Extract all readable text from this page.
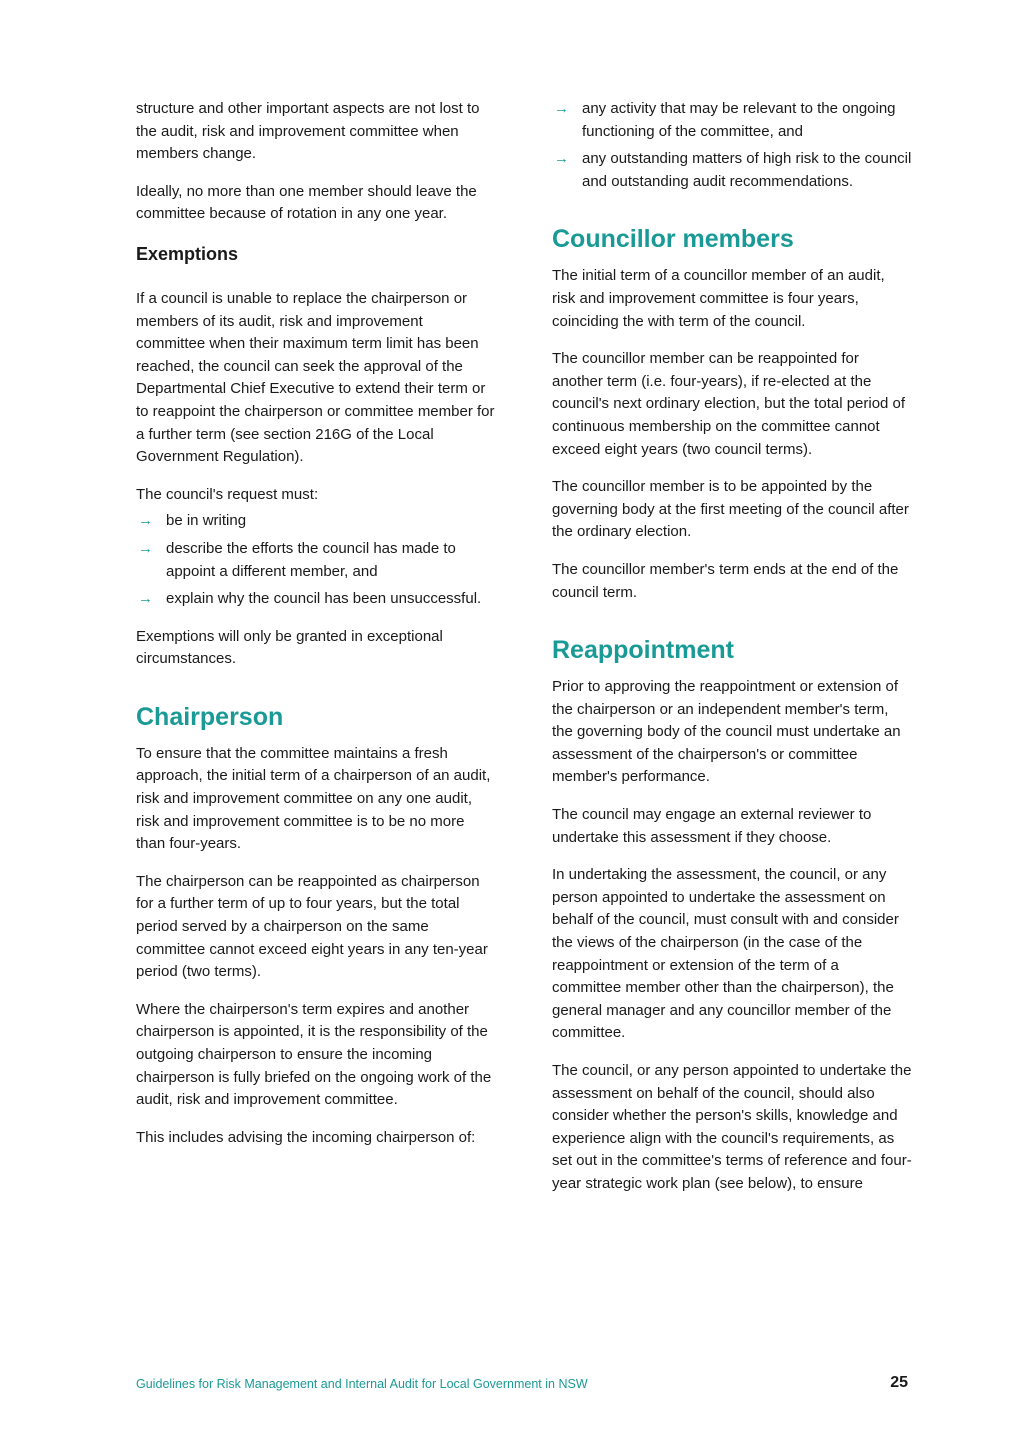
structure and other important aspects are not lost to the audit, risk and improvement committee when members change.

Ideally, no more than one member should leave the committee because of rotation in any one year.

Exemptions

If a council is unable to replace the chairperson or members of its audit, risk and improvement committee when their maximum term limit has been reached, the council can seek the approval of the Departmental Chief Executive to extend their term or to reappoint the chairperson or committee member for a further term (see section 216G of the Local Government Regulation).

The council's request must:

→ be in writing
→ describe the efforts the council has made to appoint a different member, and
→ explain why the council has been unsuccessful.

Exemptions will only be granted in exceptional circumstances.

Chairperson

To ensure that the committee maintains a fresh approach, the initial term of a chairperson of an audit, risk and improvement committee on any one audit, risk and improvement committee is to be no more than four-years.

The chairperson can be reappointed as chairperson for a further term of up to four years, but the total period served by a chairperson on the same committee cannot exceed eight years in any ten-year period (two terms).

Where the chairperson's term expires and another chairperson is appointed, it is the responsibility of the outgoing chairperson to ensure the incoming chairperson is fully briefed on the ongoing work of the audit, risk and improvement committee.

This includes advising the incoming chairperson of:

→ any activity that may be relevant to the ongoing functioning of the committee, and
→ any outstanding matters of high risk to the council and outstanding audit recommendations.
Councillor members

The initial term of a councillor member of an audit, risk and improvement committee is four years, coinciding the with term of the council.

The councillor member can be reappointed for another term (i.e. four-years), if re-elected at the council's next ordinary election, but the total period of continuous membership on the committee cannot exceed eight years (two council terms).

The councillor member is to be appointed by the governing body at the first meeting of the council after the ordinary election.

The councillor member's term ends at the end of the council term.

Reappointment

Prior to approving the reappointment or extension of the chairperson or an independent member's term, the governing body of the council must undertake an assessment of the chairperson's or committee member's performance.

The council may engage an external reviewer to undertake this assessment if they choose.

In undertaking the assessment, the council, or any person appointed to undertake the assessment on behalf of the council, must consult with and consider the views of the chairperson (in the case of the reappointment or extension of the term of a committee member other than the chairperson), the general manager and any councillor member of the committee.

The council, or any person appointed to undertake the assessment on behalf of the council, should also consider whether the person's skills, knowledge and experience align with the council's requirements, as set out in the committee's terms of reference and four-year strategic work plan (see below), to ensure

Guidelines for Risk Management and Internal Audit for Local Government in NSW	25
